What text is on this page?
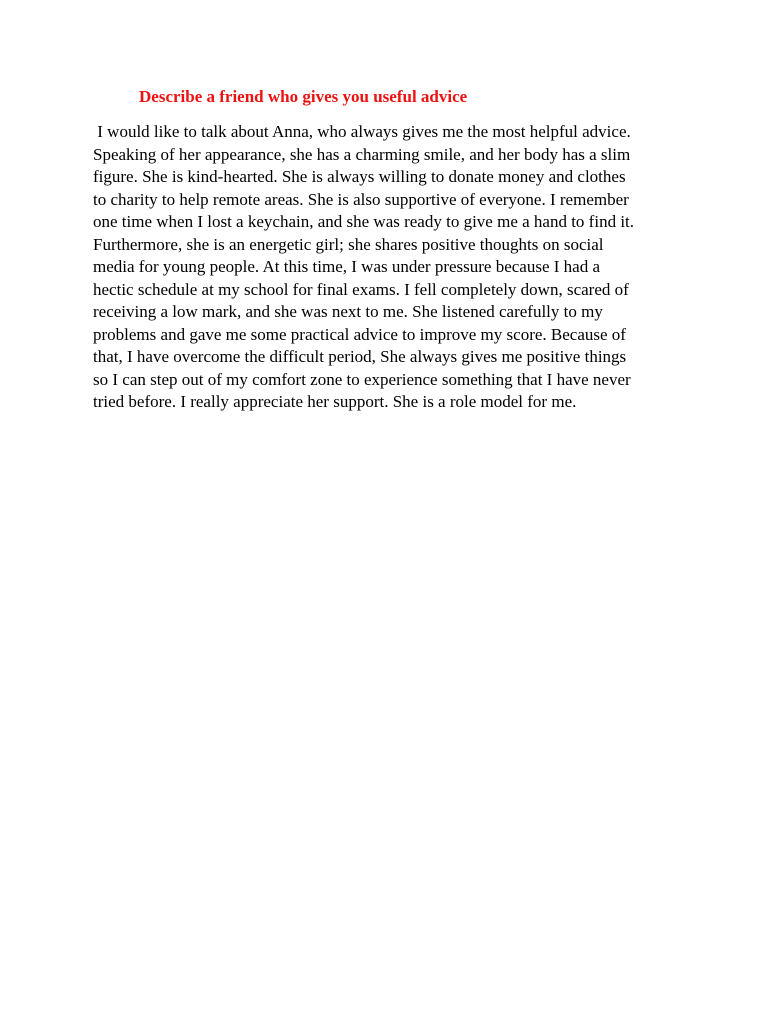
Describe a friend who gives you useful advice
I would like to talk about Anna, who always gives me the most helpful advice.
Speaking of her appearance, she has a charming smile, and her body has a slim
figure. She is kind-hearted. She is always willing to donate money and clothes
to charity to help remote areas. She is also supportive of everyone. I remember
one time when I lost a keychain, and she was ready to give me a hand to find it.
Furthermore, she is an energetic girl; she shares positive thoughts on social
media for young people. At this time, I was under pressure because I had a
hectic schedule at my school for final exams. I fell completely down, scared of
receiving a low mark, and she was next to me. She listened carefully to my
problems and gave me some practical advice to improve my score. Because of
that, I have overcome the difficult period, She always gives me positive things
so I can step out of my comfort zone to experience something that I have never
tried before. I really appreciate her support. She is a role model for me.
